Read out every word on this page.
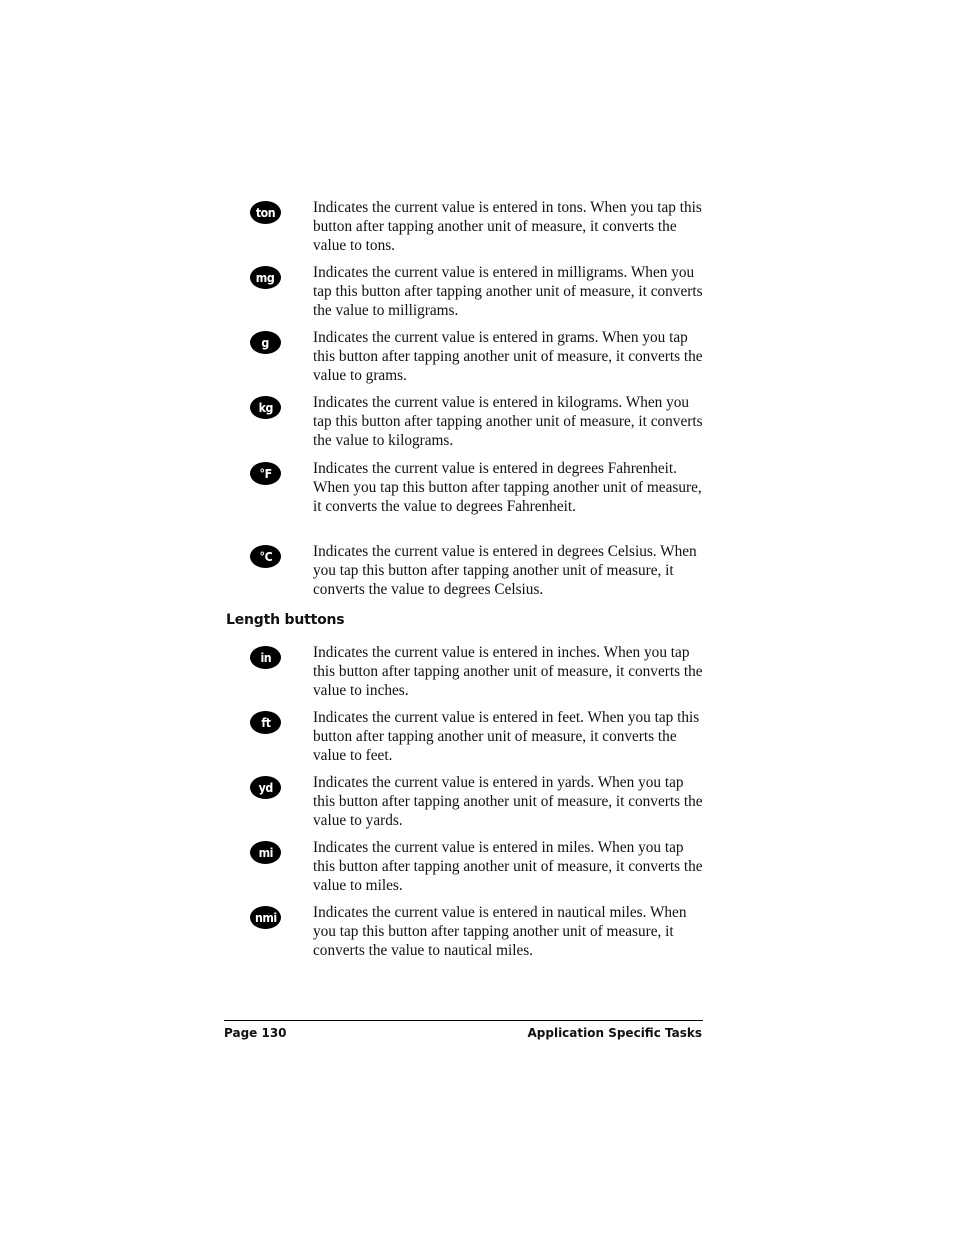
ton	Indicates the current value is entered in tons. When you tap this button after tapping another unit of measure, it converts the value to tons.
mg	Indicates the current value is entered in milligrams. When you tap this button after tapping another unit of measure, it converts the value to milligrams.
g	Indicates the current value is entered in grams. When you tap this button after tapping another unit of measure, it converts the value to grams.
kg	Indicates the current value is entered in kilograms. When you tap this button after tapping another unit of measure, it converts the value to kilograms.
°F	Indicates the current value is entered in degrees Fahrenheit. When you tap this button after tapping another unit of measure, it converts the value to degrees Fahrenheit.
°C	Indicates the current value is entered in degrees Celsius. When you tap this button after tapping another unit of measure, it converts the value to degrees Celsius.
Length buttons
in	Indicates the current value is entered in inches. When you tap this button after tapping another unit of measure, it converts the value to inches.
ft	Indicates the current value is entered in feet. When you tap this button after tapping another unit of measure, it converts the value to feet.
yd	Indicates the current value is entered in yards. When you tap this button after tapping another unit of measure, it converts the value to yards.
mi	Indicates the current value is entered in miles. When you tap this button after tapping another unit of measure, it converts the value to miles.
nmi	Indicates the current value is entered in nautical miles. When you tap this button after tapping another unit of measure, it converts the value to nautical miles.
Page 130	Application Specific Tasks
